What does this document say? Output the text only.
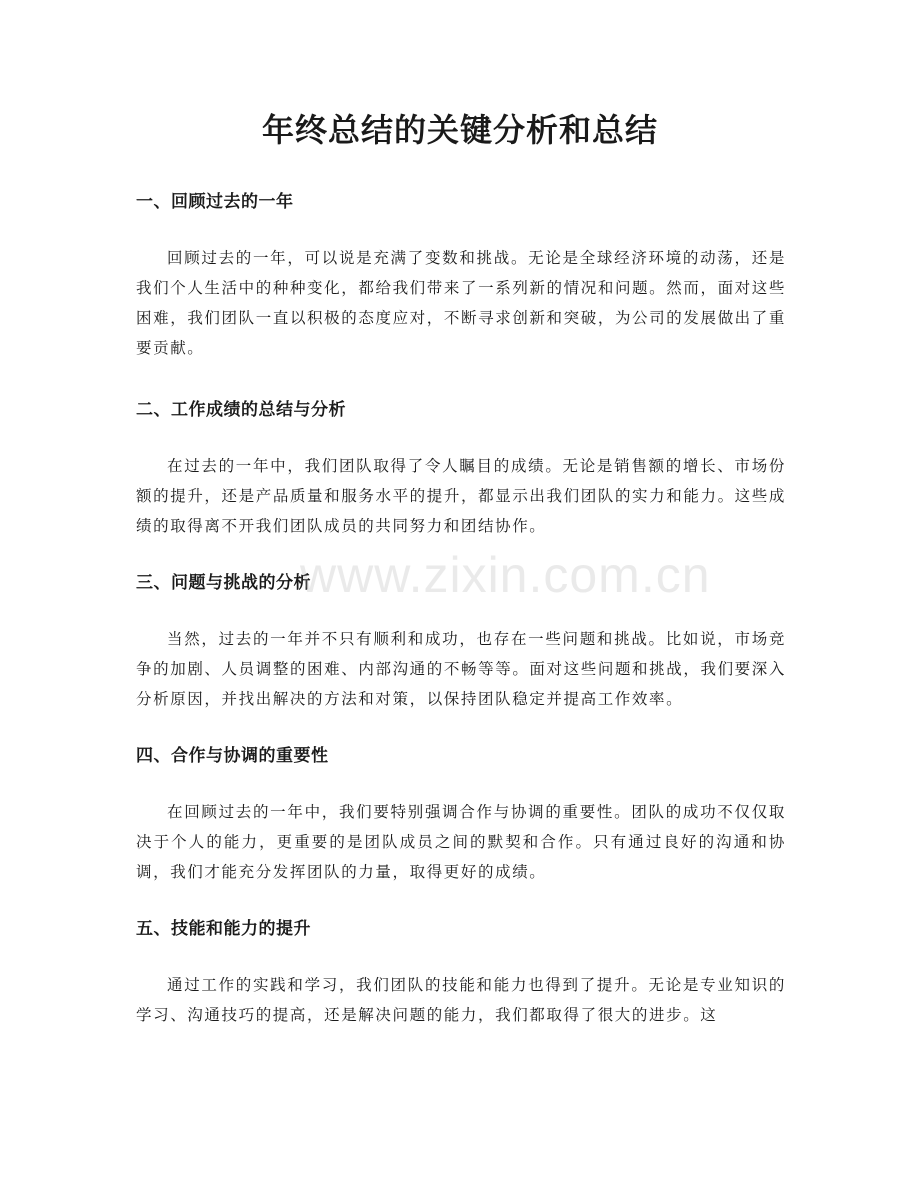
年终总结的关键分析和总结
一、回顾过去的一年

回顾过去的一年，可以说是充满了变数和挑战。无论是全球经济环境的动荡，还是我们个人生活中的种种变化，都给我们带来了一系列新的情况和问题。然而，面对这些困难，我们团队一直以积极的态度应对，不断寻求创新和突破，为公司的发展做出了重要贡献。

二、工作成绩的总结与分析

在过去的一年中，我们团队取得了令人瞩目的成绩。无论是销售额的增长、市场份额的提升，还是产品质量和服务水平的提升，都显示出我们团队的实力和能力。这些成绩的取得离不开我们团队成员的共同努力和团结协作。

三、问题与挑战的分析

当然，过去的一年并不只有顺利和成功，也存在一些问题和挑战。比如说，市场竞争的加剧、人员调整的困难、内部沟通的不畅等等。面对这些问题和挑战，我们要深入分析原因，并找出解决的方法和对策，以保持团队稳定并提高工作效率。

四、合作与协调的重要性

在回顾过去的一年中，我们要特别强调合作与协调的重要性。团队的成功不仅仅取决于个人的能力，更重要的是团队成员之间的默契和合作。只有通过良好的沟通和协调，我们才能充分发挥团队的力量，取得更好的成绩。

五、技能和能力的提升

通过工作的实践和学习，我们团队的技能和能力也得到了提升。无论是专业知识的学习、沟通技巧的提高，还是解决问题的能力，我们都取得了很大的进步。这

www.zixin.com.cn
